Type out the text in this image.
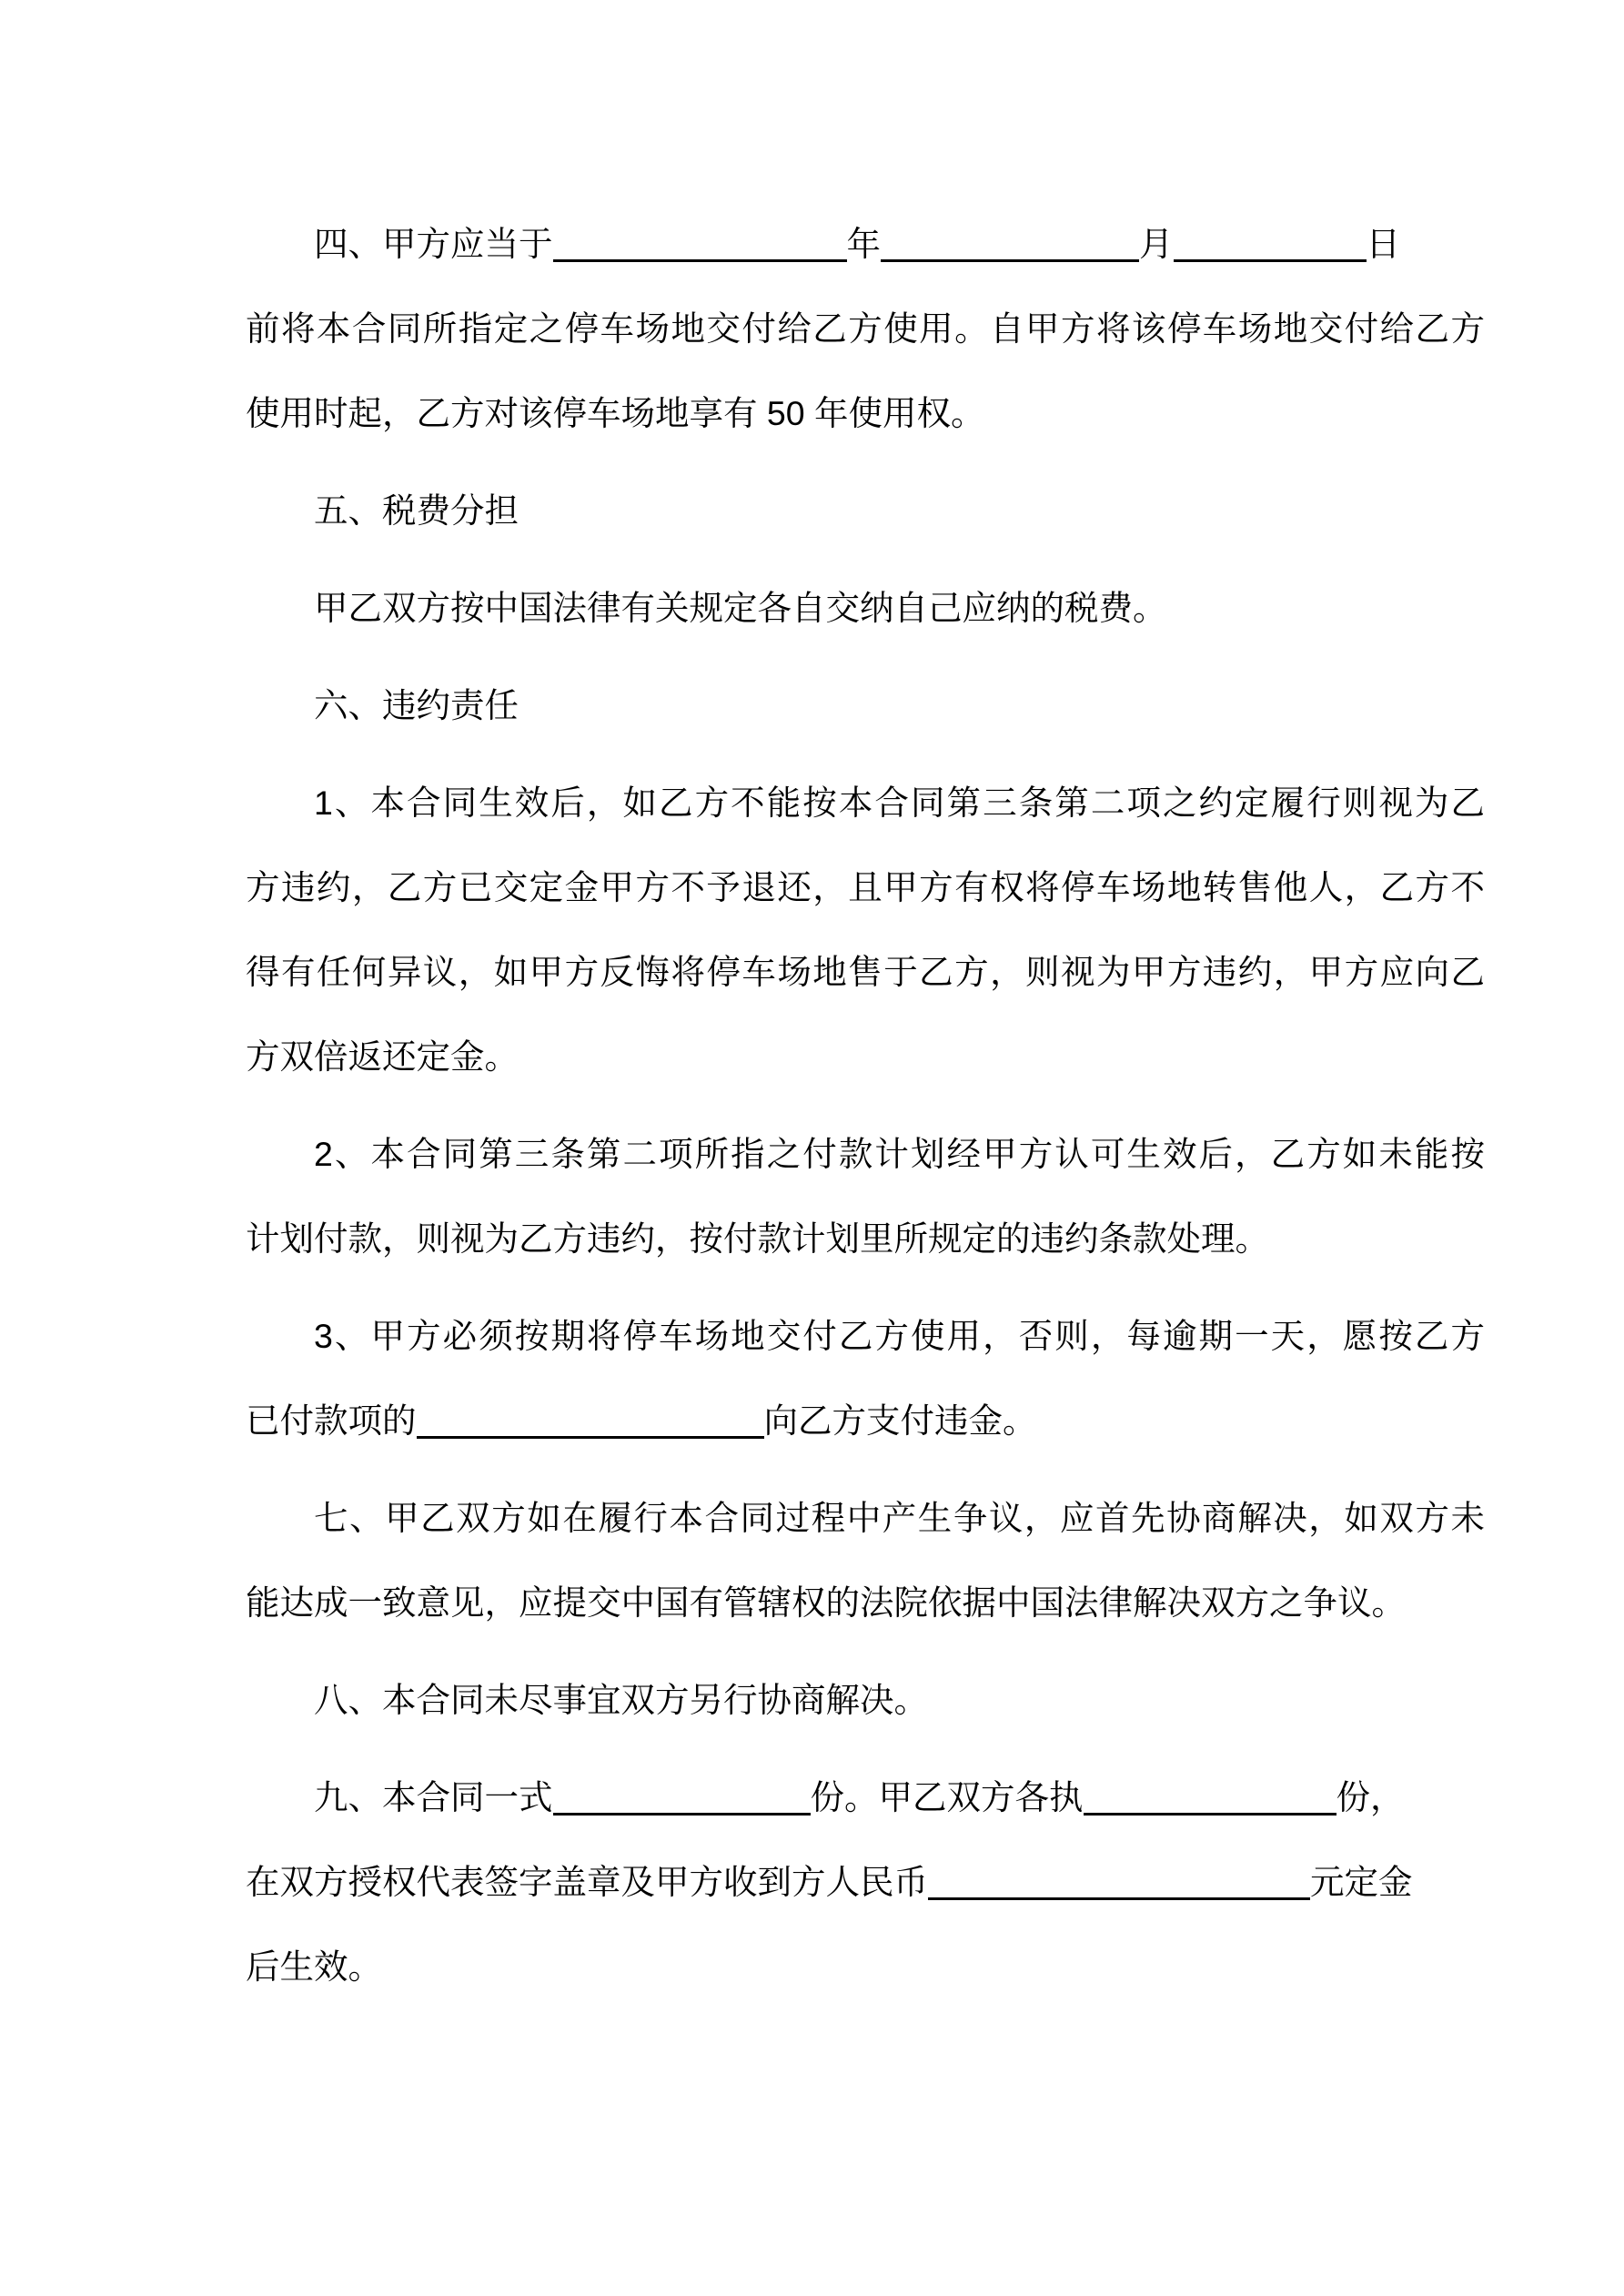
四、甲方应当于	年	月	日
前将本合同所指定之停车场地交付给乙方使用。自甲方将该停车场地交付给乙方
使用时起，乙方对该停车场地享有 50 年使用权。
五、税费分担
甲乙双方按中国法律有关规定各自交纳自己应纳的税费。
六、违约责任
1、本合同生效后，如乙方不能按本合同第三条第二项之约定履行则视为乙
方违约，乙方已交定金甲方不予退还，且甲方有权将停车场地转售他人，乙方不
得有任何异议，如甲方反悔将停车场地售于乙方，则视为甲方违约，甲方应向乙
方双倍返还定金。
2、本合同第三条第二项所指之付款计划经甲方认可生效后，乙方如未能按
计划付款，则视为乙方违约，按付款计划里所规定的违约条款处理。
3、甲方必须按期将停车场地交付乙方使用，否则，每逾期一天，愿按乙方
已付款项的	向乙方支付违金。
七、甲乙双方如在履行本合同过程中产生争议，应首先协商解决，如双方未
能达成一致意见，应提交中国有管辖权的法院依据中国法律解决双方之争议。
八、本合同未尽事宜双方另行协商解决。
九、本合同一式	份。甲乙双方各执	份，
在双方授权代表签字盖章及甲方收到方人民币	元定金
后生效。
